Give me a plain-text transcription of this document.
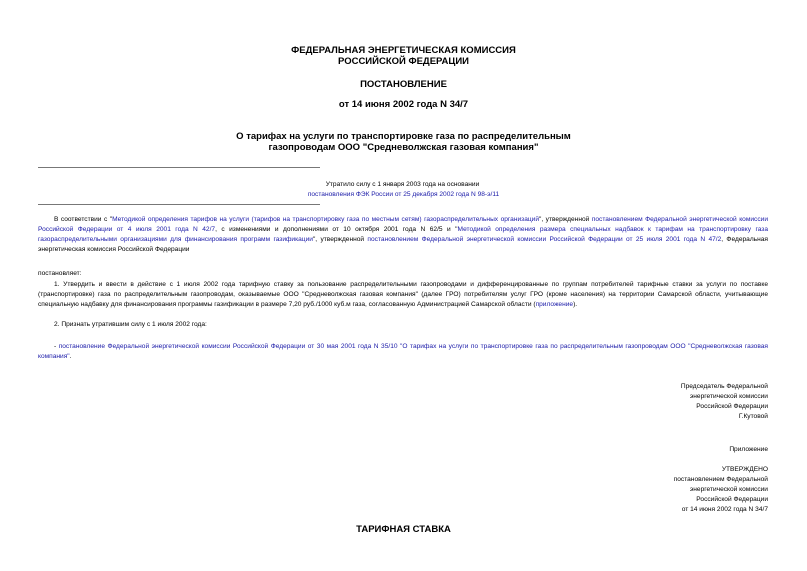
ФЕДЕРАЛЬНАЯ ЭНЕРГЕТИЧЕСКАЯ КОМИССИЯ
РОССИЙСКОЙ ФЕДЕРАЦИИ
ПОСТАНОВЛЕНИЕ
от 14 июня 2002 года N 34/7
О тарифах на услуги по транспортировке газа по распределительным
газопроводам ООО "Средневолжская газовая компания"
Утратило силу с 1 января 2003 года на основании
постановления ФЭК России от 25 декабря 2002 года N 98-э/11
В соответствии с "Методикой определения тарифов на услуги (тарифов на транспортировку газа по местным сетям) газораспределительных организаций", утвержденной постановлением Федеральной энергетической комиссии Российской Федерации от 4 июля 2001 года N 42/7, с изменениями и дополнениями от 10 октября 2001 года N 62/5 и "Методикой определения размера специальных надбавок к тарифам на транспортировку газа газораспределительными организациями для финансирования программ газификации", утвержденной постановлением Федеральной энергетической комиссии Российской Федерации от 25 июля 2001 года N 47/2, Федеральная энергетическая комиссия Российской Федерации
постановляет:
1. Утвердить и ввести в действие с 1 июля 2002 года тарифную ставку за пользование распределительными газопроводами и дифференцированные по группам потребителей тарифные ставки за услуги по поставке (транспортировке) газа по распределительным газопроводам, оказываемые ООО "Средневолжская газовая компания" (далее ГРО) потребителям услуг ГРО (кроме населения) на территории Самарской области, учитывающие специальную надбавку для финансирования программы газификации в размере 7,20 руб./1000 куб.м газа, согласованную Администрацией Самарской области (приложение).
2. Признать утратившим силу с 1 июля 2002 года:
- постановление Федеральной энергетической комиссии Российской Федерации от 30 мая 2001 года N 35/10 "О тарифах на услуги по транспортировке газа по распределительным газопроводам ООО "Средневолжская газовая компания".
Председатель Федеральной
энергетической комиссии
Российской Федерации
Г.Кутовой
Приложение
УТВЕРЖДЕНО
постановлением Федеральной
энергетической комиссии
Российской Федерации
от 14 июня 2002 года N 34/7
ТАРИФНАЯ СТАВКА
